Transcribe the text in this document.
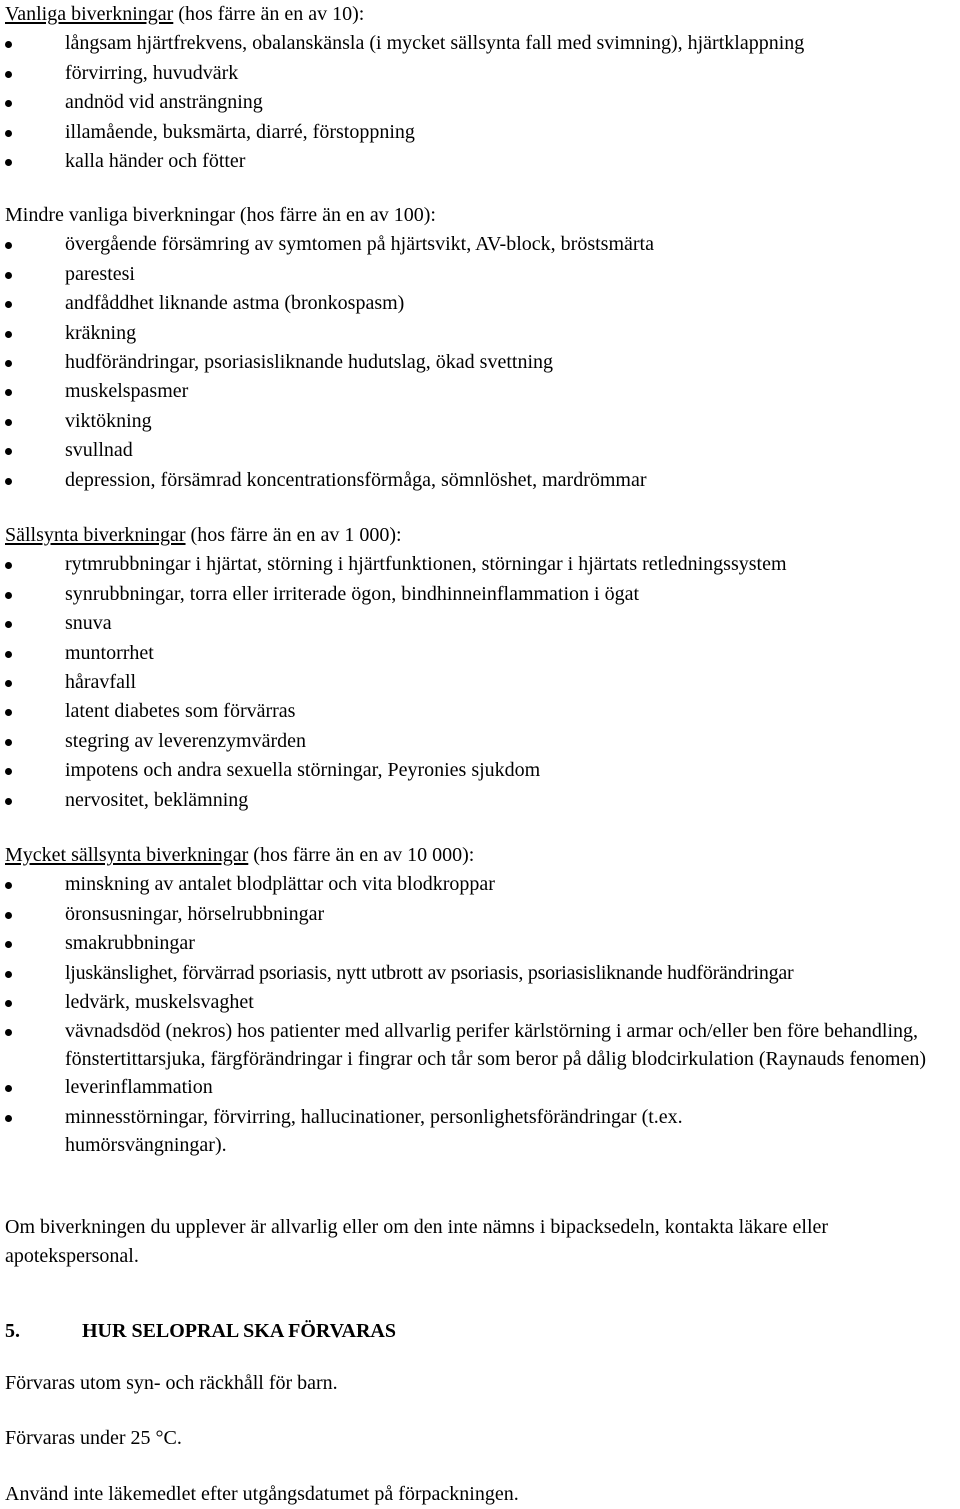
Vanliga biverkningar (hos färre än en av 10):

långsam hjärtfrekvens, obalanskänsla (i mycket sällsynta fall med svimning), hjärtklappning
förvirring, huvudvärk
andnöd vid ansträngning
illamående, buksmärta, diarré, förstoppning
kalla händer och fötter

Mindre vanliga biverkningar (hos färre än en av 100):

övergående försämring av symtomen på hjärtsvikt, AV-block, bröstsmärta
parestesi
andfåddhet liknande astma (bronkospasm)
kräkning
hudförändringar, psoriasisliknande hudutslag, ökad svettning
muskelspasmer
viktökning
svullnad
depression, försämrad koncentrationsförmåga, sömnlöshet, mardrömmar

Sällsynta biverkningar (hos färre än en av 1 000):

rytmrubbningar i hjärtat, störning i hjärtfunktionen, störningar i hjärtats retledningssystem
synrubbningar, torra eller irriterade ögon, bindhinneinflammation i ögat
snuva
muntorrhet
håravfall
latent diabetes som förvärras
stegring av leverenzymvärden
impotens och andra sexuella störningar, Peyronies sjukdom
nervositet, beklämning

Mycket sällsynta biverkningar (hos färre än en av 10 000):

minskning av antalet blodplättar och vita blodkroppar
öronsusningar, hörselrubbningar
smakrubbningar
ljuskänslighet, förvärrad psoriasis, nytt utbrott av psoriasis, psoriasisliknande hudförändringar
ledvärk, muskelsvaghet
vävnadsdöd (nekros) hos patienter med allvarlig perifer kärlstörning i armar och/eller ben före behandling, fönstertittarsjuka, färgförändringar i fingrar och tår som beror på dålig blodcirkulation (Raynauds fenomen)
leverinflammation
minnesstörningar, förvirring, hallucinationer, personlighetsförändringar (t.ex. humörsvängningar).

Om biverkningen du upplever är allvarlig eller om den inte nämns i bipacksedeln, kontakta läkare eller apotekspersonal.

5.	HUR SELOPRAL SKA FÖRVARAS

Förvaras utom syn- och räckhåll för barn.

Förvaras under 25 °C.

Använd inte läkemedlet efter utgångsdatumet på förpackningen.
